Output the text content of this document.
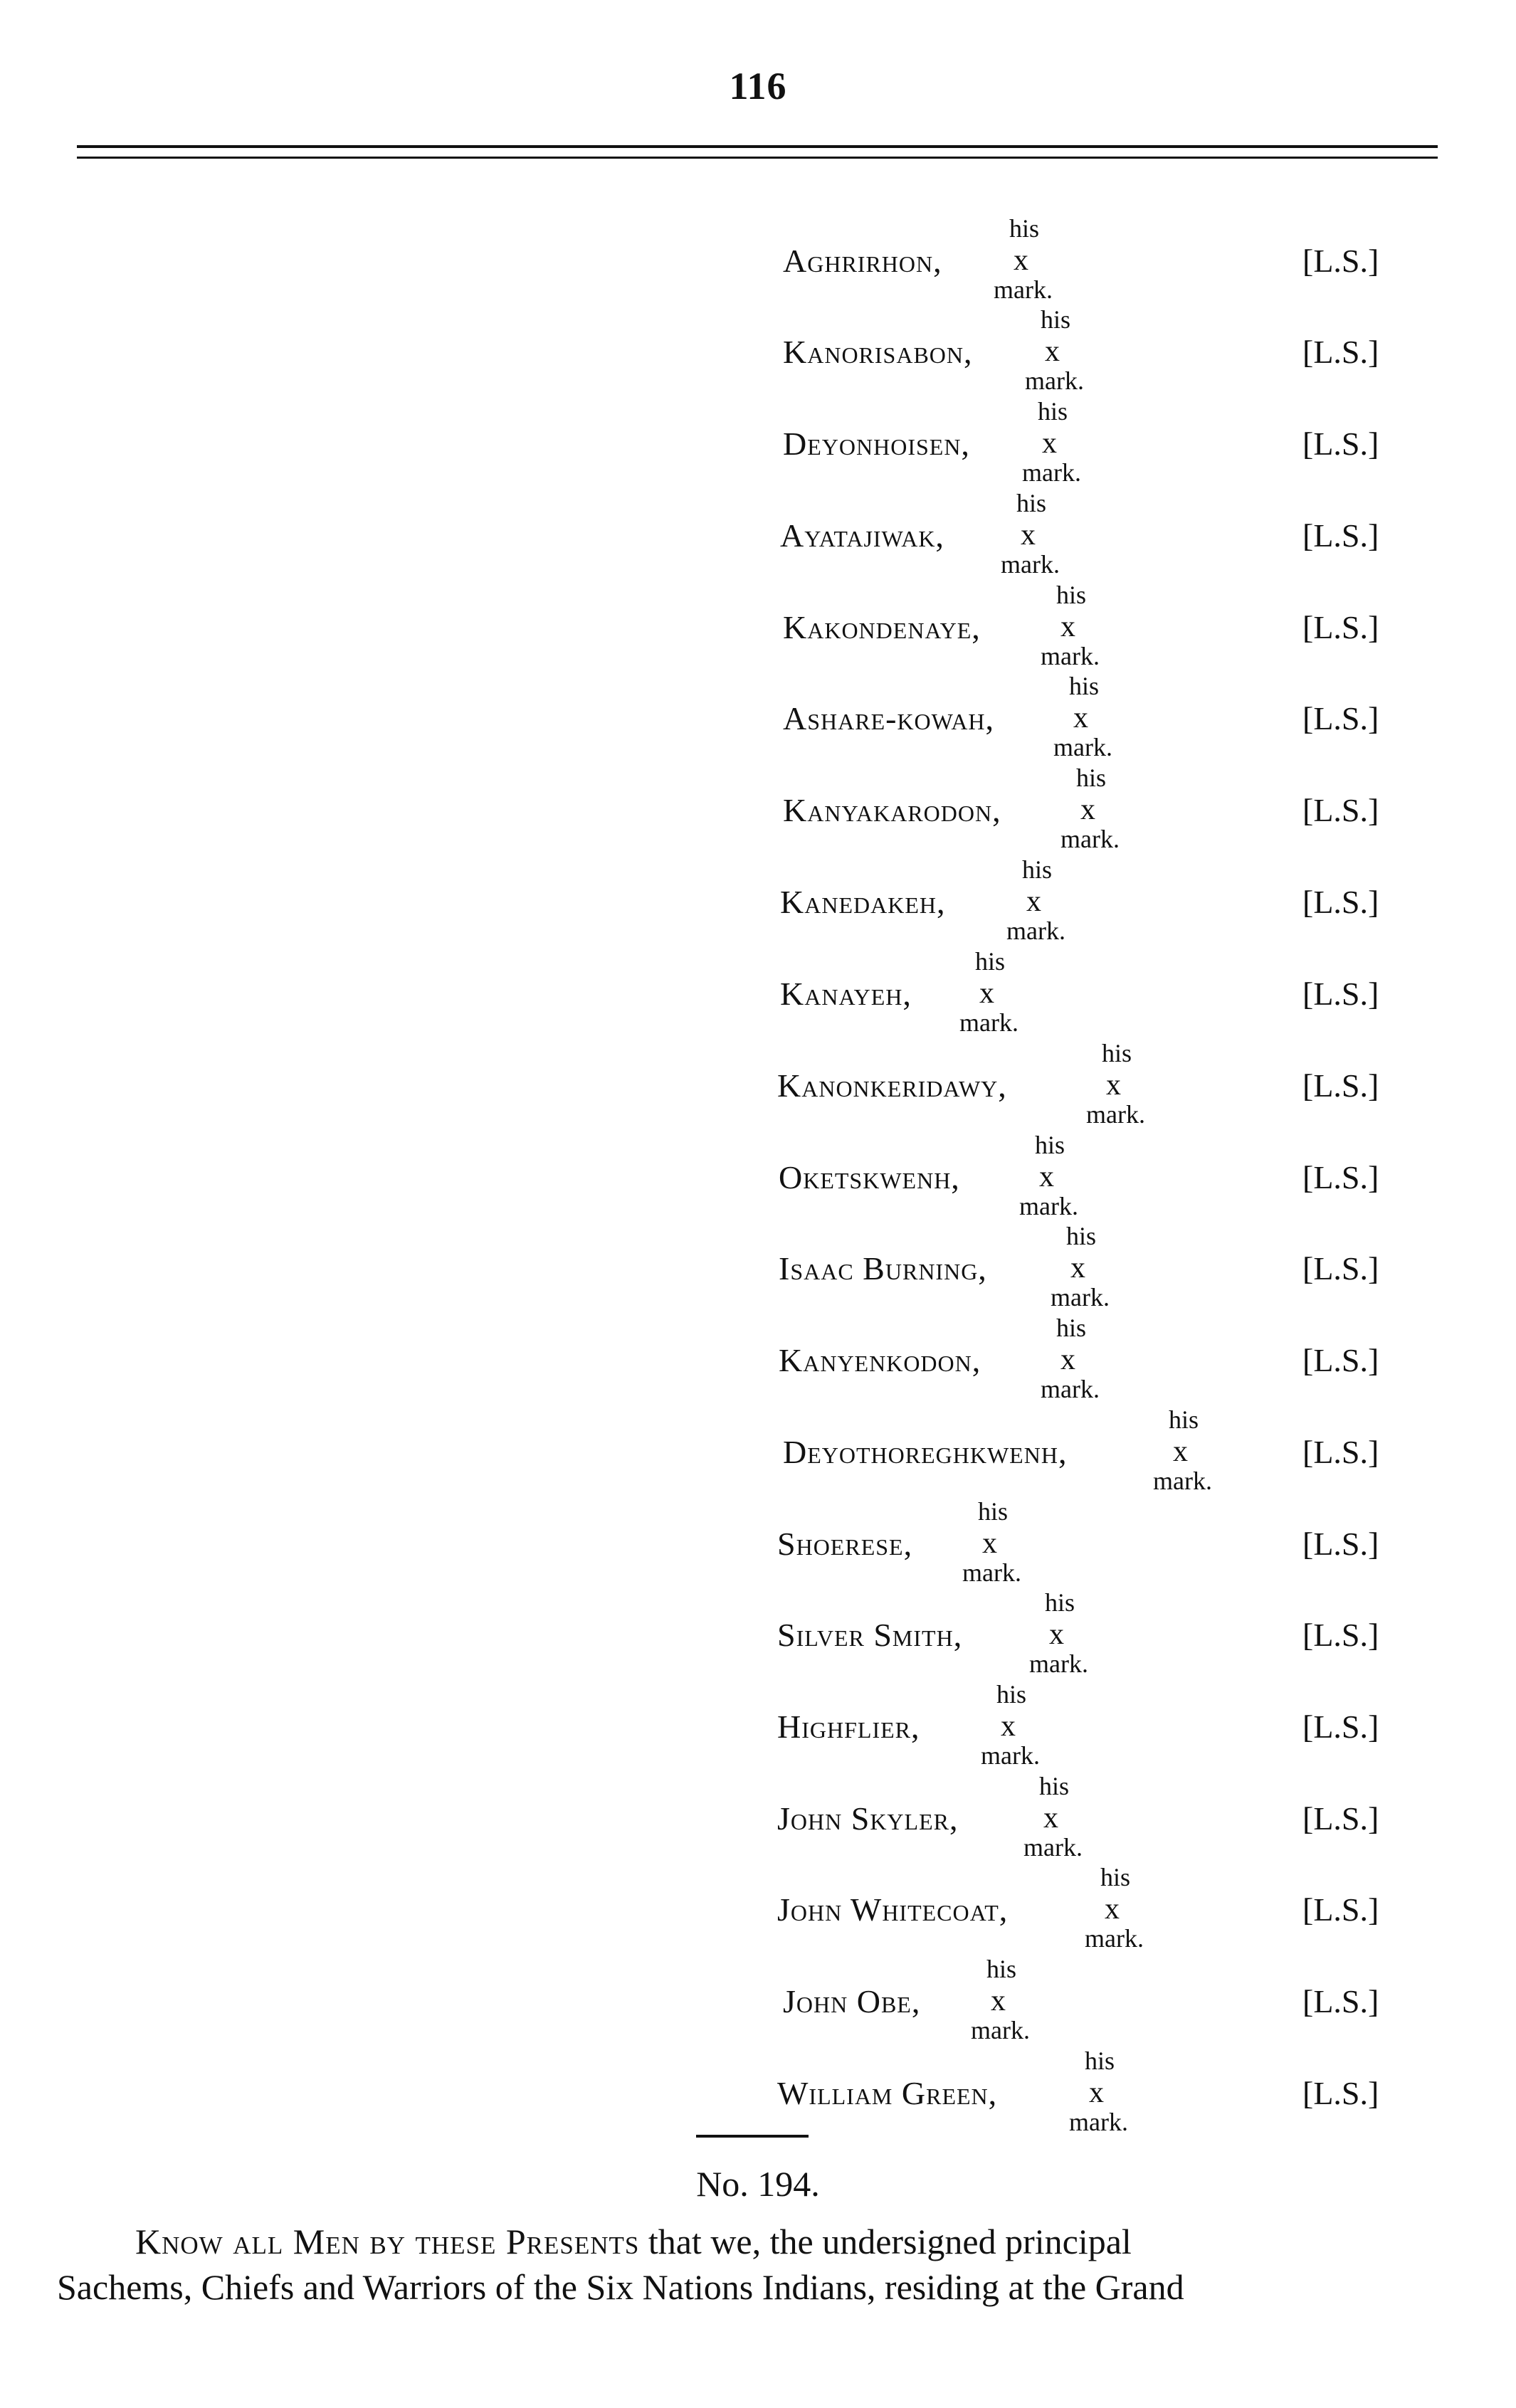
116
his
Aghrirhon, x
mark.
[L.S.]
his
Kanorisabon, x
mark.
[L.S.]
his
Deyonhoisen, x
mark.
[L.S.]
his
Ayatajiwak,	x
mark.
[L.S.]
his
Kakondenaye,	x
mark.
[L.S.]
his
Ashare-kowah,	x
mark.
[L.S.]
his
Kanyakarodon,	x
mark.
[L.S.]
his
Kanedakeh,	x
mark.
[L.S.]
his
Kanayeh, x
mark.
[L.S.]
his
Kanonkeridawy,	x
mark.
[L.S.]
his
Oketskwenh,	x
mark.
[L.S.]
his
Isaac Burning,	x
mark.
[L.S.]
his
Kanyenkodon,	x
mark.
[L.S.]
his
Deyothoreghkwenh,	x
mark.
[L.S.]
his
Shoerese, x
mark.
[L.S.]
his
Silver Smith,	x
mark.
[L.S.]
his
Highflier,	x
mark.
[L.S.]
his
John Skyler,	x
mark.
[L.S.]
his
John Whitecoat,	x
mark.
[L.S.]
his
John Obe, x
mark.
[L.S.]
his
William Green,	x
mark.
[L.S.]
No. 194.
Know all Men by these Presents that we, the undersigned principal
Sachems, Chiefs and Warriors of the Six Nations Indians, residing at the Grand
